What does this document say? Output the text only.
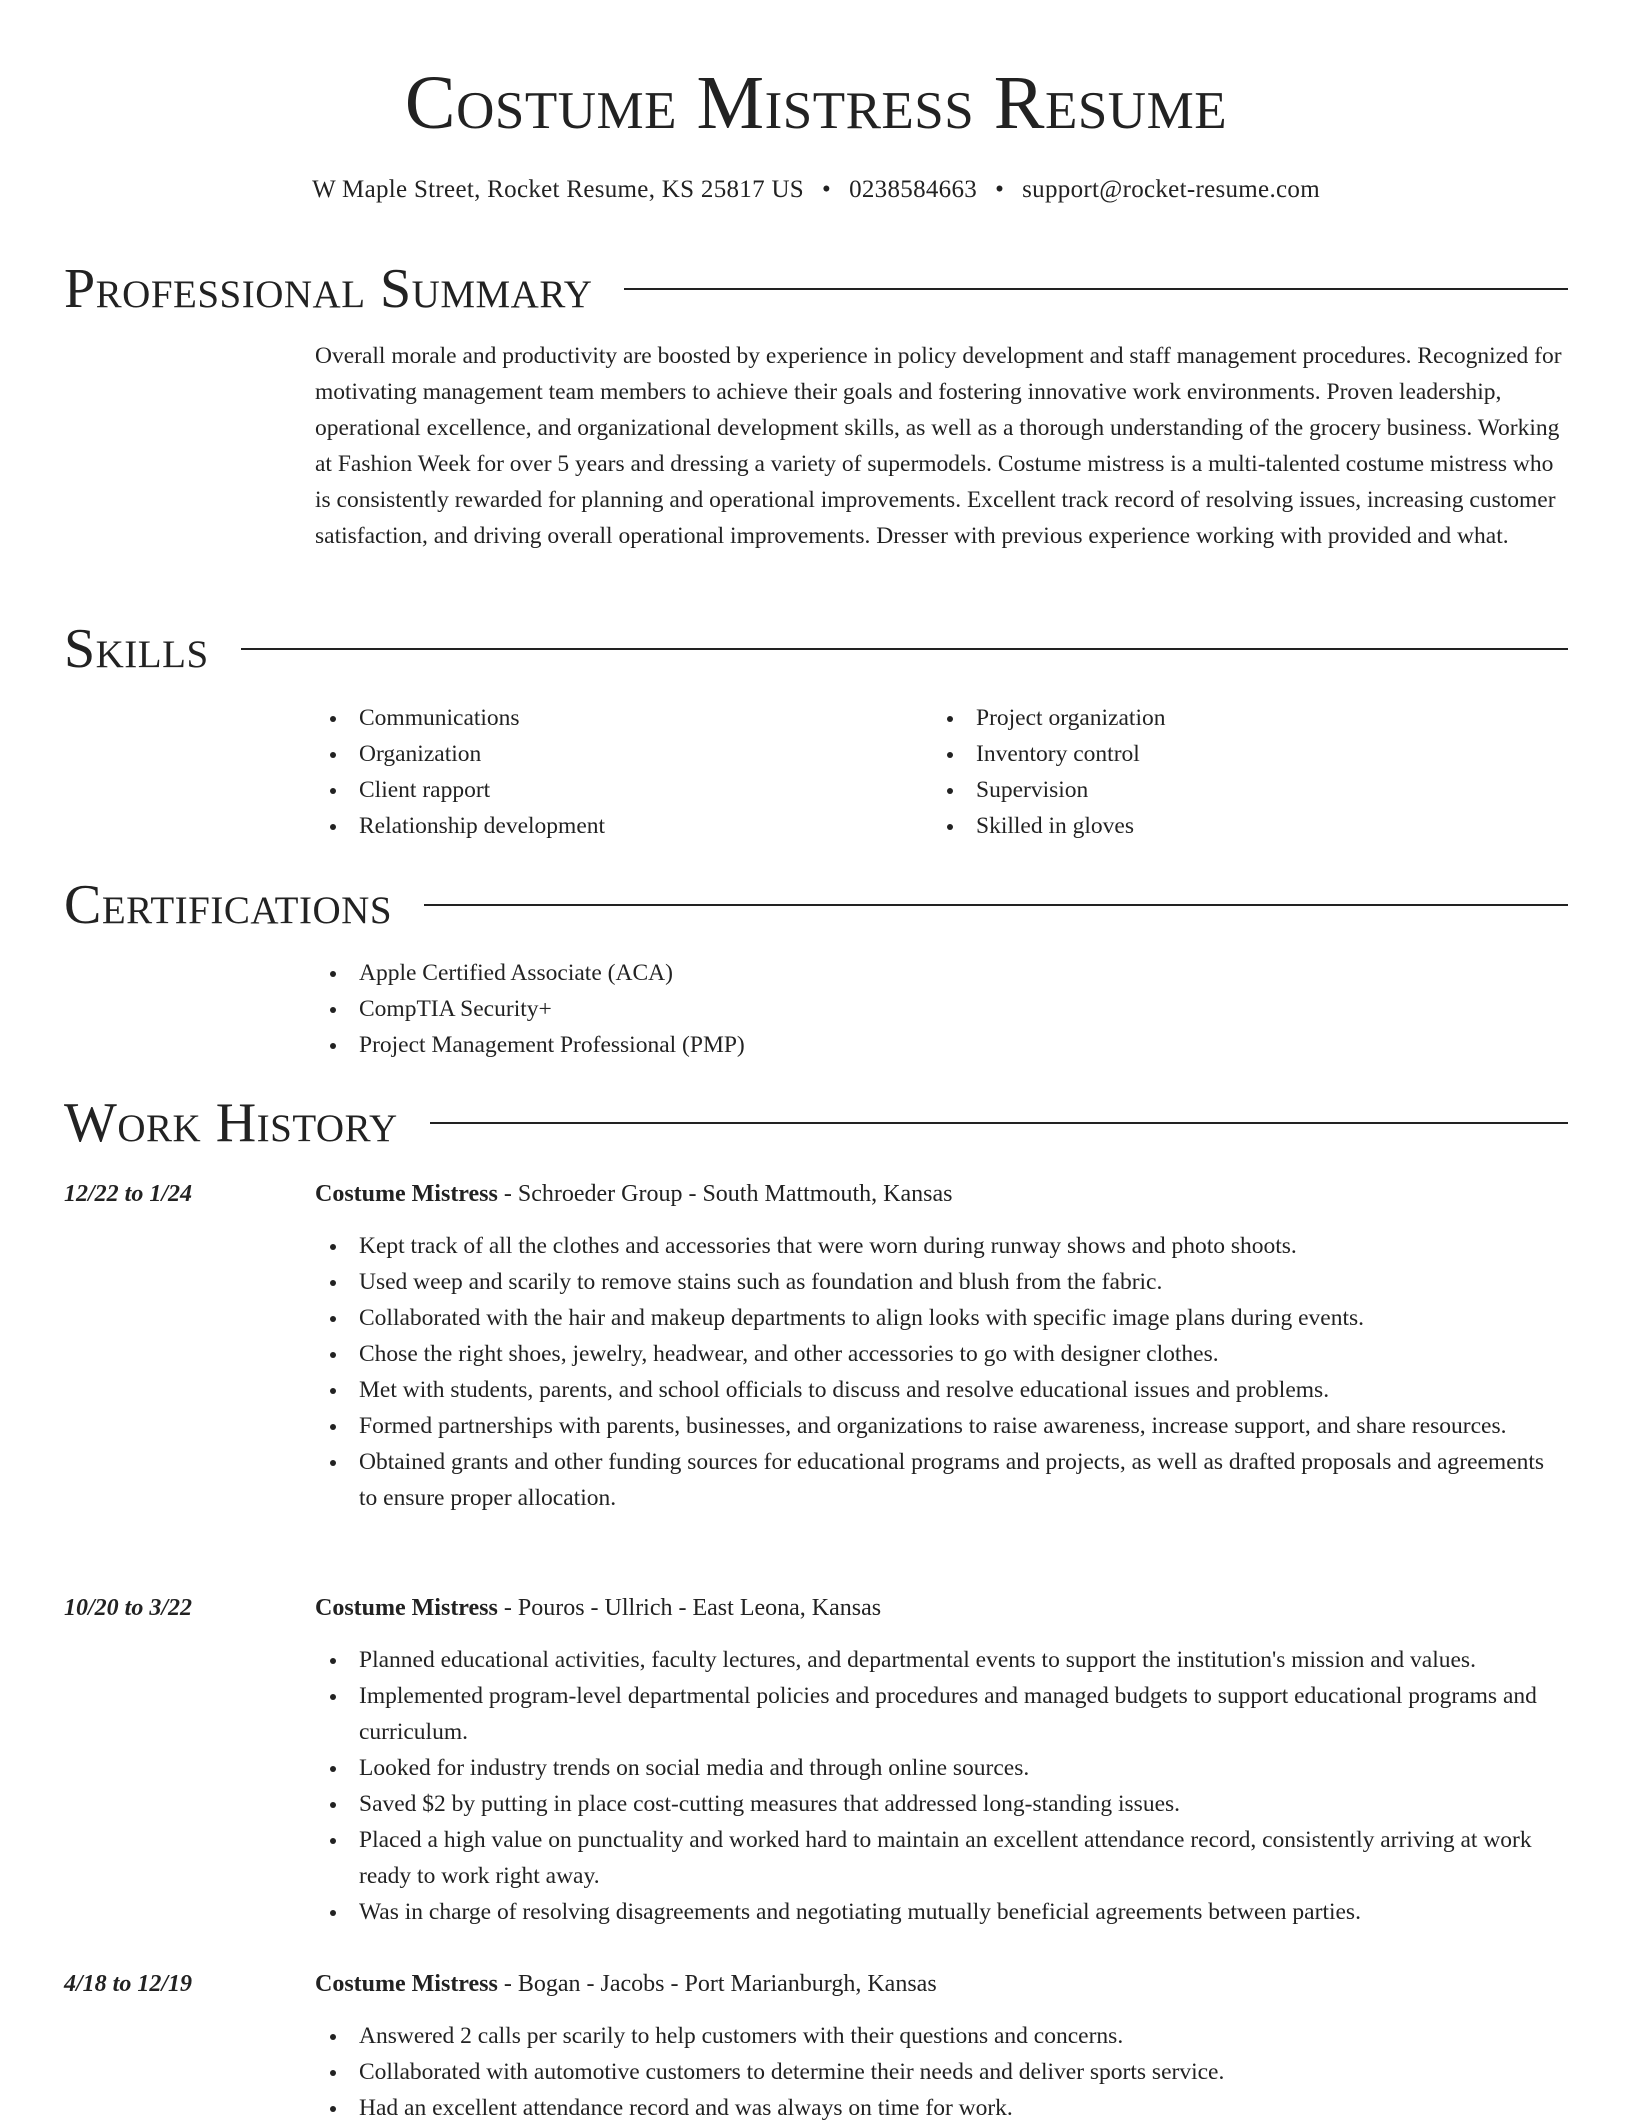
Costume Mistress Resume
W Maple Street, Rocket Resume, KS 25817 US • 0238584663 • support@rocket-resume.com
Professional Summary

Overall morale and productivity are boosted by experience in policy development and staff management procedures. Recognized for motivating management team members to achieve their goals and fostering innovative work environments. Proven leadership, operational excellence, and organizational development skills, as well as a thorough understanding of the grocery business. Working at Fashion Week for over 5 years and dressing a variety of supermodels. Costume mistress is a multi-talented costume mistress who is consistently rewarded for planning and operational improvements. Excellent track record of resolving issues, increasing customer satisfaction, and driving overall operational improvements. Dresser with previous experience working with provided and what.

Skills
Communications
Organization
Client rapport
Relationship development
Project organization
Inventory control
Supervision
Skilled in gloves
Certifications
Apple Certified Associate (ACA)
CompTIA Security+
Project Management Professional (PMP)
Work History
12/22 to 1/24	Costume Mistress - Schroeder Group - South Mattmouth, Kansas
Kept track of all the clothes and accessories that were worn during runway shows and photo shoots.
Used weep and scarily to remove stains such as foundation and blush from the fabric.
Collaborated with the hair and makeup departments to align looks with specific image plans during events.
Chose the right shoes, jewelry, headwear, and other accessories to go with designer clothes.
Met with students, parents, and school officials to discuss and resolve educational issues and problems.
Formed partnerships with parents, businesses, and organizations to raise awareness, increase support, and share resources.
Obtained grants and other funding sources for educational programs and projects, as well as drafted proposals and agreements to ensure proper allocation.
10/20 to 3/22	Costume Mistress - Pouros - Ullrich - East Leona, Kansas
Planned educational activities, faculty lectures, and departmental events to support the institution's mission and values.
Implemented program-level departmental policies and procedures and managed budgets to support educational programs and curriculum.
Looked for industry trends on social media and through online sources.
Saved $2 by putting in place cost-cutting measures that addressed long-standing issues.
Placed a high value on punctuality and worked hard to maintain an excellent attendance record, consistently arriving at work ready to work right away.
Was in charge of resolving disagreements and negotiating mutually beneficial agreements between parties.
4/18 to 12/19	Costume Mistress - Bogan - Jacobs - Port Marianburgh, Kansas
Answered 2 calls per scarily to help customers with their questions and concerns.
Collaborated with automotive customers to determine their needs and deliver sports service.
Had an excellent attendance record and was always on time for work.
